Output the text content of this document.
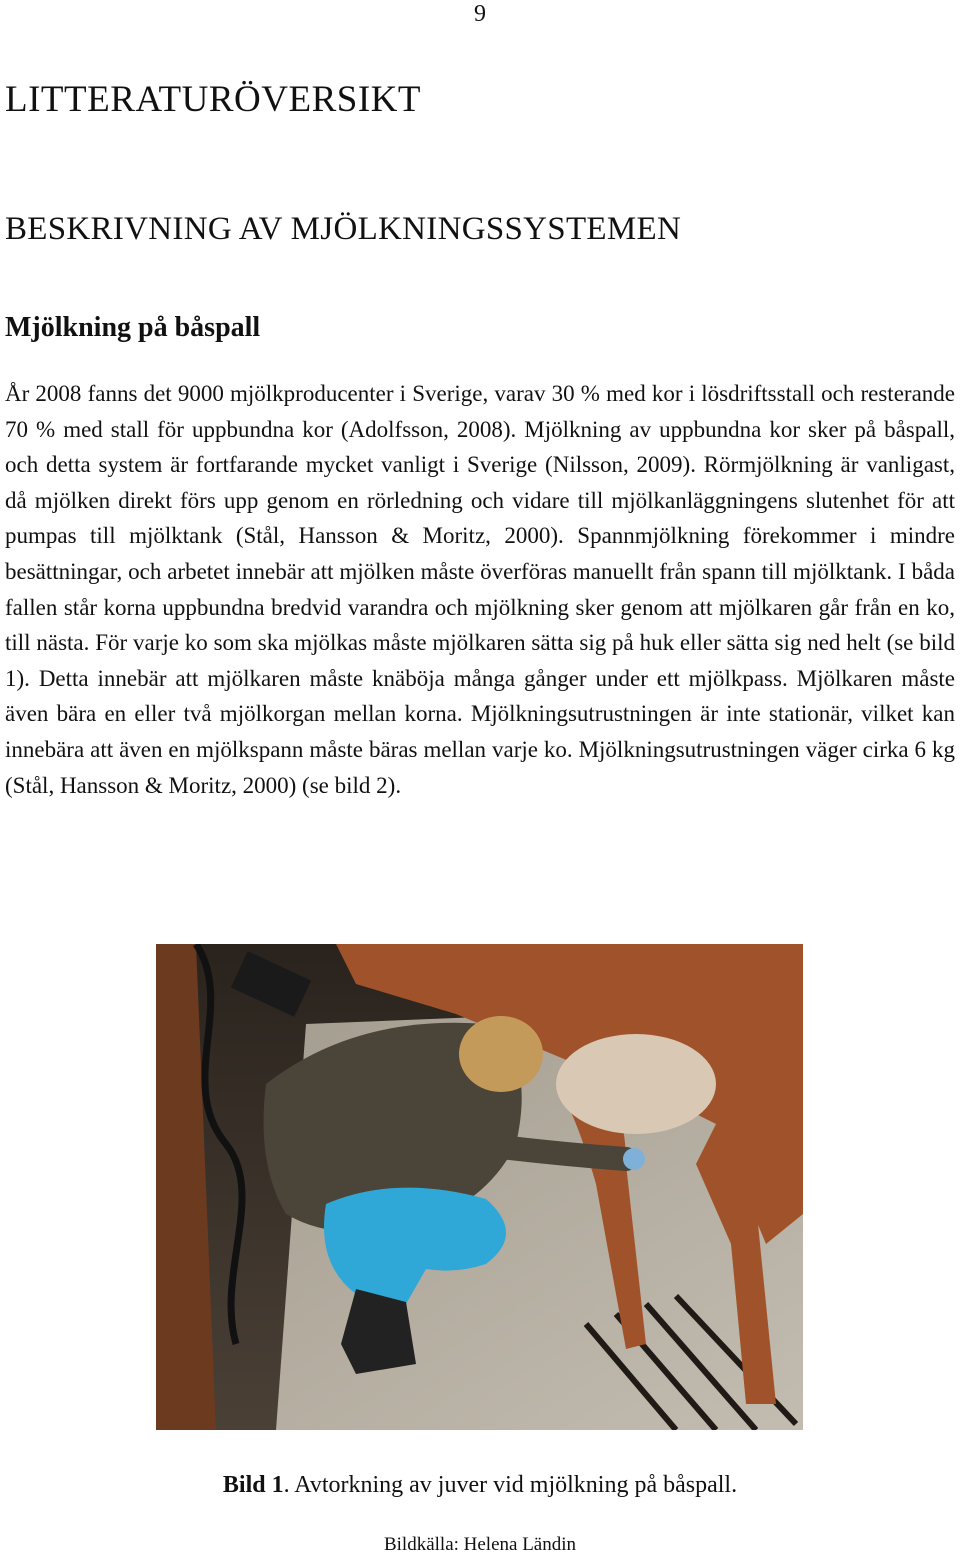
9
LITTERATURÖVERSIKT
BESKRIVNING AV MJÖLKNINGSSYSTEMEN
Mjölkning på båspall

År 2008 fanns det 9000 mjölkproducenter i Sverige, varav 30 % med kor i lösdriftsstall och resterande 70 % med stall för uppbundna kor (Adolfsson, 2008). Mjölkning av uppbundna kor sker på båspall, och detta system är fortfarande mycket vanligt i Sverige (Nilsson, 2009). Rörmjölkning är vanligast, då mjölken direkt förs upp genom en rörledning och vidare till mjölkanläggningens slutenhet för att pumpas till mjölktank (Stål, Hansson & Moritz, 2000). Spannmjölkning förekommer i mindre besättningar, och arbetet innebär att mjölken måste överföras manuellt från spann till mjölktank. I båda fallen står korna uppbundna bredvid varandra och mjölkning sker genom att mjölkaren går från en ko, till nästa. För varje ko som ska mjölkas måste mjölkaren sätta sig på huk eller sätta sig ned helt (se bild 1). Detta innebär att mjölkaren måste knäböja många gånger under ett mjölkpass. Mjölkaren måste även bära en eller två mjölkorgan mellan korna. Mjölkningsutrustningen är inte stationär, vilket kan innebära att även en mjölkspann måste bäras mellan varje ko. Mjölkningsutrustningen väger cirka 6 kg (Stål, Hansson & Moritz, 2000) (se bild 2).

Bild 1. Avtorkning av juver vid mjölkning på båspall.
Bildkälla: Helena Ländin
